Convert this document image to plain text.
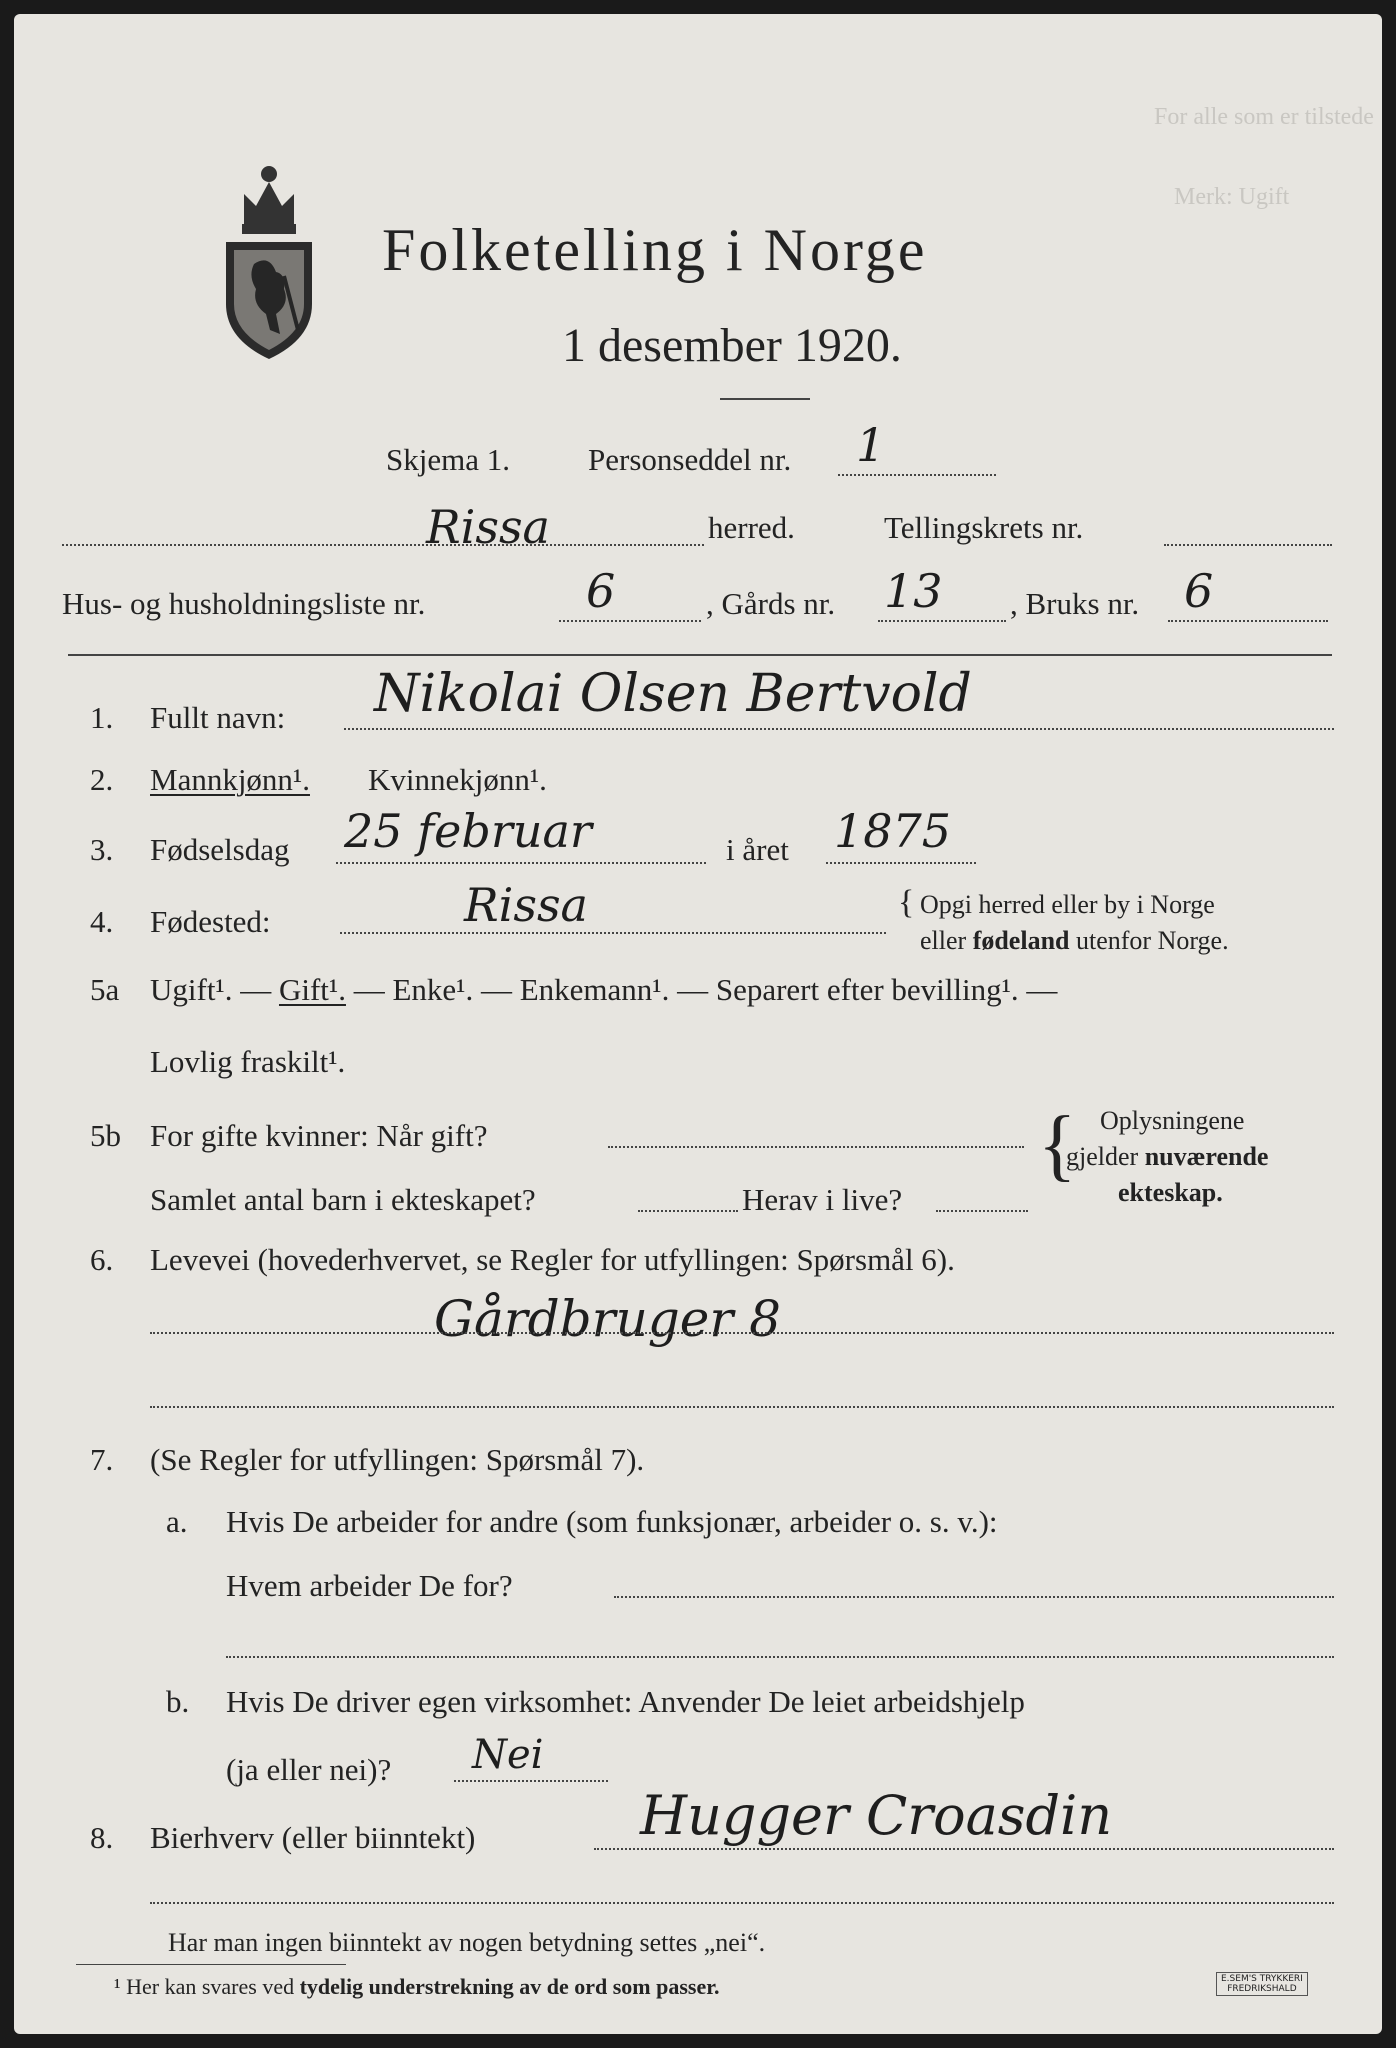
For alle som er tilstede
Merk: Ugift
Folketelling i Norge
1 desember 1920.
Skjema 1.	Personseddel nr. 1
Rissa	herred.	Tellingskrets nr.
Hus- og husholdningsliste nr.	6	, Gårds nr. 13 , Bruks nr. 6
1. Fullt navn: Nikolai Olsen Bertvold
2. Mannkjønn¹. Kvinnekjønn¹.
3. Fødselsdag 25 februar	i året 1875
4. Fødested:	Rissa	{ Opgi herred eller by i Norge
eller fødeland utenfor Norge.
5a Ugift¹. — Gift¹. — Enke¹. — Enkemann¹. — Separert efter bevilling¹. —
Lovlig fraskilt¹.
5b For gifte kvinner: Når gift?
Samlet antal barn i ekteskapet?	Herav i live?
{ Oplysningene
gjelder nuværende
ekteskap.
6. Levevei (hovederhvervet, se Regler for utfyllingen: Spørsmål 6).
Gårdbruger 8
7. (Se Regler for utfyllingen: Spørsmål 7).
a. Hvis De arbeider for andre (som funksjonær, arbeider o. s. v.):
Hvem arbeider De for?
b. Hvis De driver egen virksomhet: Anvender De leiet arbeidshjelp
(ja eller nei)? Nei
8. Bierhverv (eller biinntekt)	Hugger Croasdin
Har man ingen biinntekt av nogen betydning settes „nei“.
¹ Her kan svares ved tydelig understrekning av de ord som passer.	E.SEM'S TRYKKERI
FREDRIKSHALD
